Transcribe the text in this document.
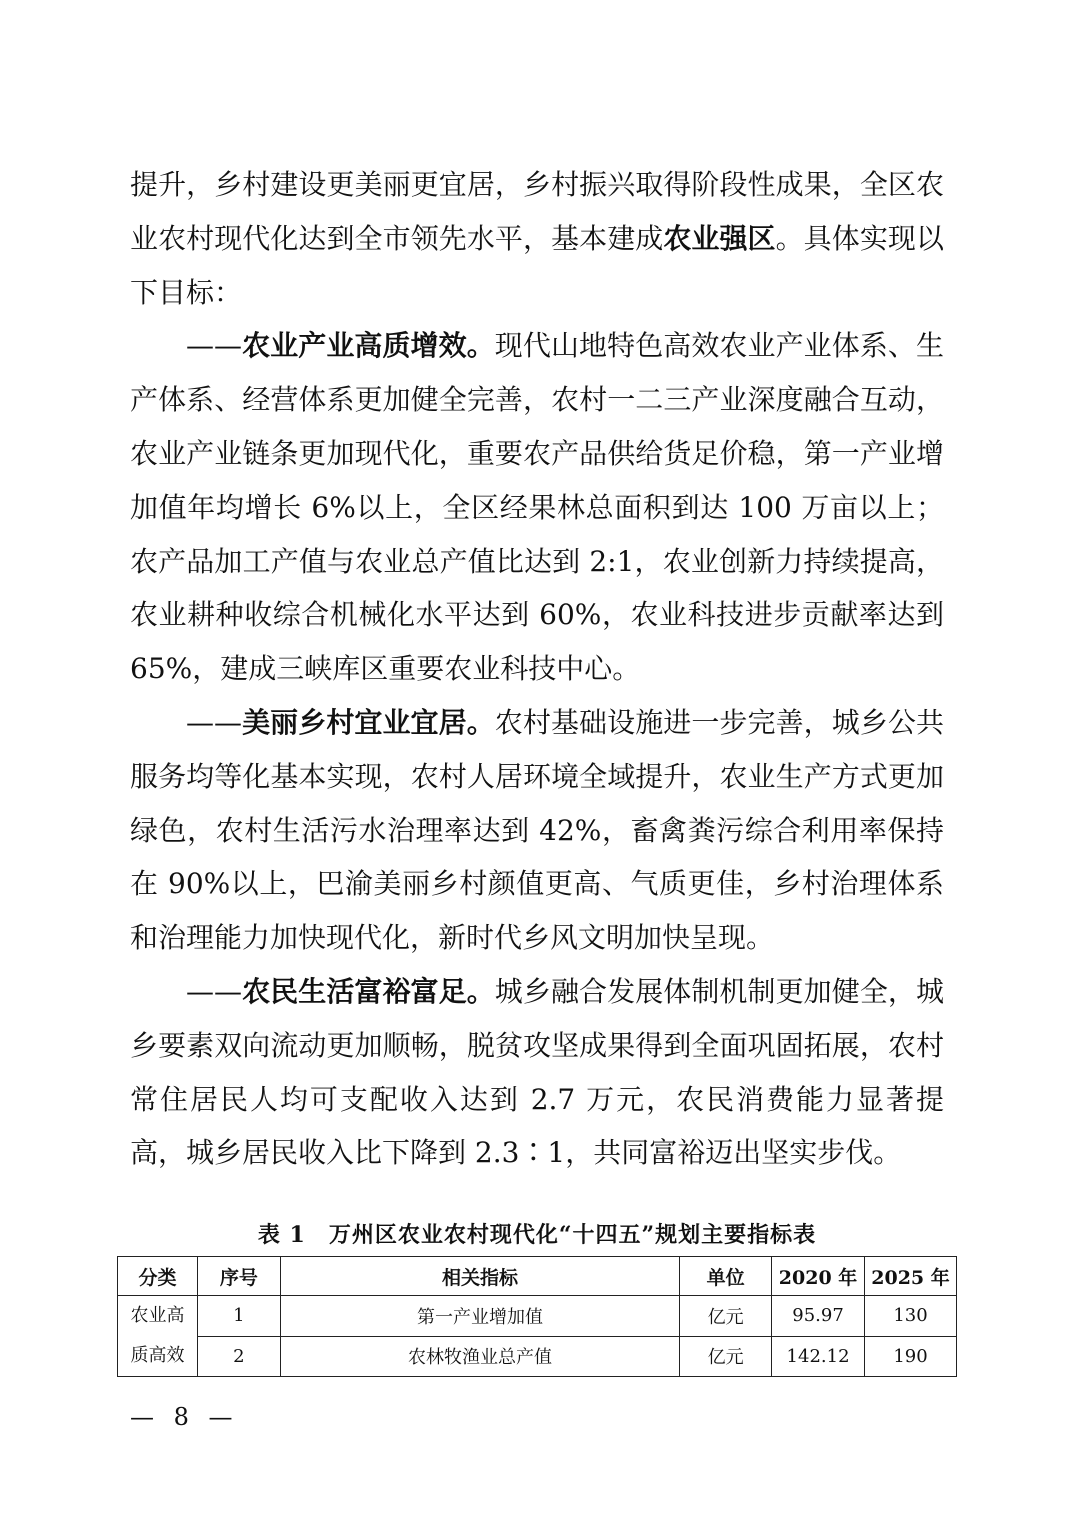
提升，乡村建设更美丽更宜居，乡村振兴取得阶段性成果，全区农业农村现代化达到全市领先水平，基本建成农业强区。具体实现以下目标：

——农业产业高质增效。现代山地特色高效农业产业体系、生产体系、经营体系更加健全完善，农村一二三产业深度融合互动，农业产业链条更加现代化，重要农产品供给货足价稳，第一产业增加值年均增长 6%以上，全区经果林总面积到达 100 万亩以上；农产品加工产值与农业总产值比达到 2:1，农业创新力持续提高，农业耕种收综合机械化水平达到 60%，农业科技进步贡献率达到 65%，建成三峡库区重要农业科技中心。

——美丽乡村宜业宜居。农村基础设施进一步完善，城乡公共服务均等化基本实现，农村人居环境全域提升，农业生产方式更加绿色，农村生活污水治理率达到 42%，畜禽粪污综合利用率保持在 90%以上，巴渝美丽乡村颜值更高、气质更佳，乡村治理体系和治理能力加快现代化，新时代乡风文明加快呈现。

——农民生活富裕富足。城乡融合发展体制机制更加健全，城乡要素双向流动更加顺畅，脱贫攻坚成果得到全面巩固拓展，农村常住居民人均可支配收入达到 2.7 万元，农民消费能力显著提高，城乡居民收入比下降到 2.3∶1，共同富裕迈出坚实步伐。

表 1　万州区农业农村现代化“十四五”规划主要指标表
分类	序号	相关指标	单位	2020 年	2025 年
农业高
质高效	1	第一产业增加值	亿元	95.97	130
	2	农林牧渔业总产值	亿元	142.12	190
— 8 —
